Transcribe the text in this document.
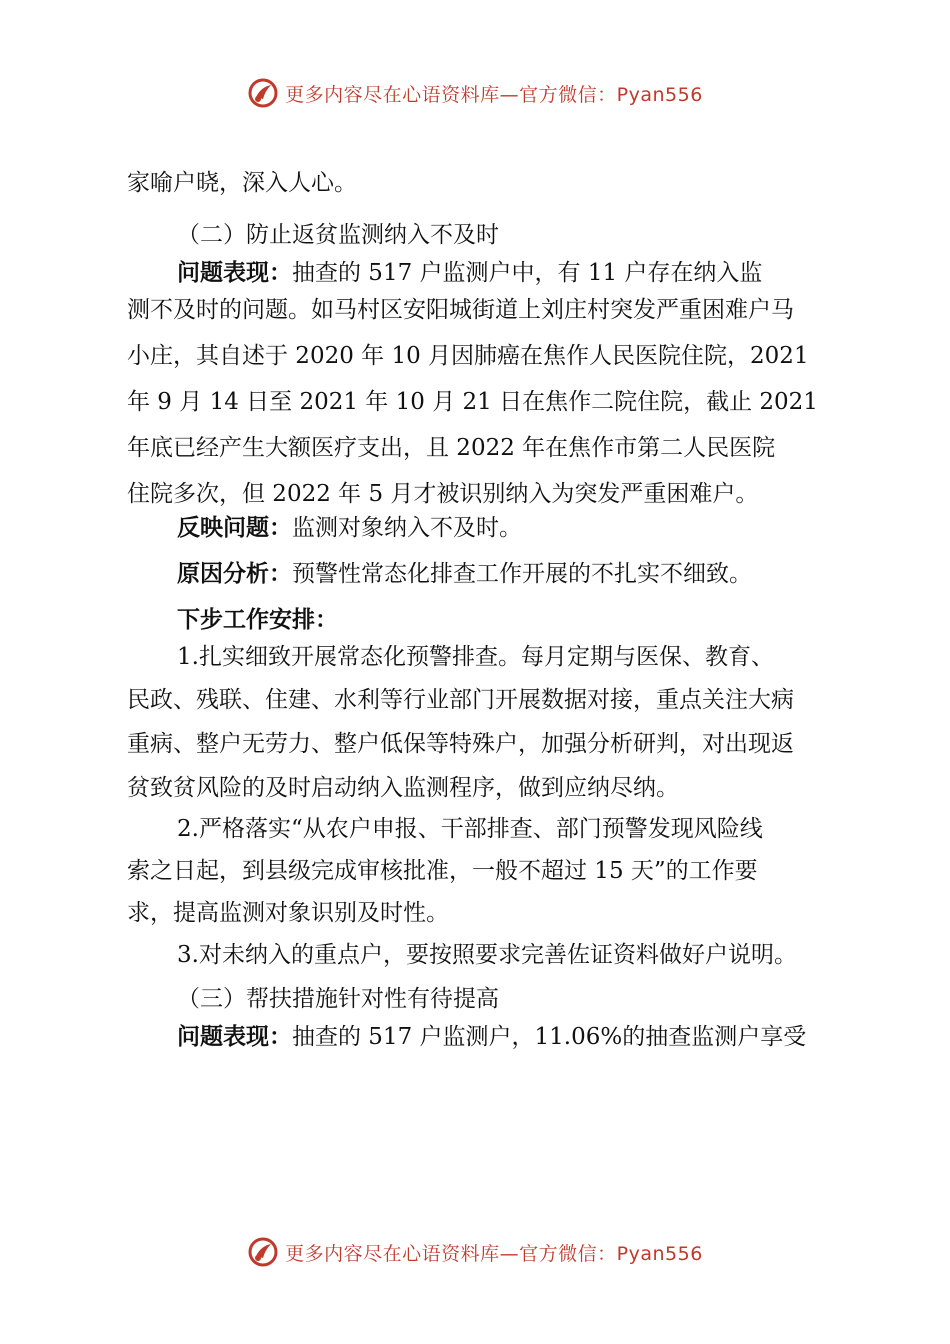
更多内容尽在心语资料库—官方微信：Pyan556
家喻户晓，深入人心。
（二）防止返贫监测纳入不及时
问题表现：抽查的 517 户监测户中，有 11 户存在纳入监
测不及时的问题。如马村区安阳城街道上刘庄村突发严重困难户马
小庄，其自述于 2020 年 10 月因肺癌在焦作人民医院住院，2021
年 9 月 14 日至 2021 年 10 月 21 日在焦作二院住院，截止 2021
年底已经产生大额医疗支出，且 2022 年在焦作市第二人民医院
住院多次，但 2022 年 5 月才被识别纳入为突发严重困难户。
反映问题：监测对象纳入不及时。
原因分析：预警性常态化排查工作开展的不扎实不细致。
下步工作安排：
1.扎实细致开展常态化预警排查。每月定期与医保、教育、
民政、残联、住建、水利等行业部门开展数据对接，重点关注大病
重病、整户无劳力、整户低保等特殊户，加强分析研判，对出现返
贫致贫风险的及时启动纳入监测程序，做到应纳尽纳。
2.严格落实“从农户申报、干部排查、部门预警发现风险线
索之日起，到县级完成审核批准，一般不超过 15 天”的工作要
求，提高监测对象识别及时性。
3.对未纳入的重点户，要按照要求完善佐证资料做好户说明。
（三）帮扶措施针对性有待提高
问题表现：抽查的 517 户监测户，11.06%的抽查监测户享受
更多内容尽在心语资料库—官方微信：Pyan556
